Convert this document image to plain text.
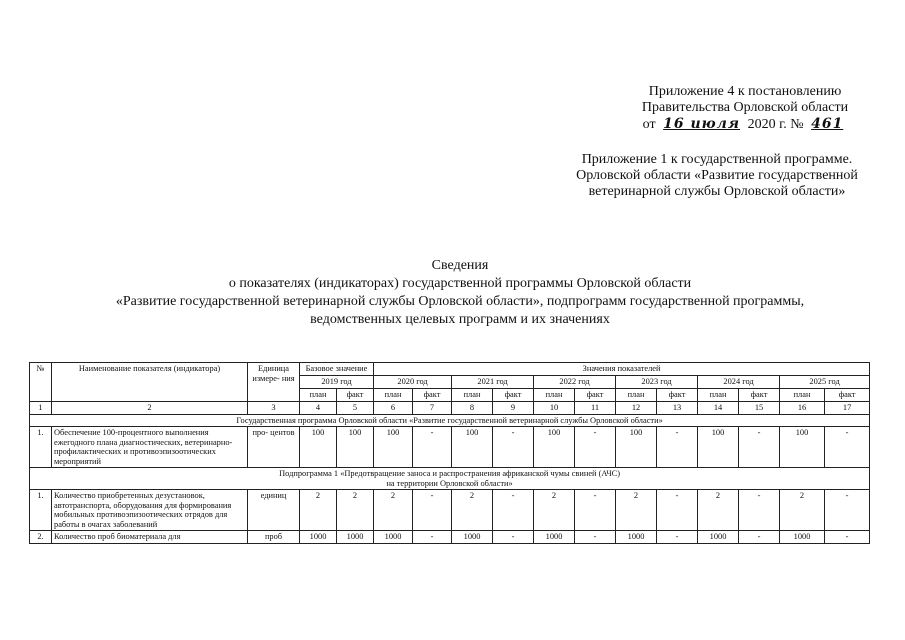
Приложение 4 к постановлению
Правительства Орловской области
от 16 июля 2020 г. № 461
Приложение 1 к государственной программе.
Орловской области «Развитие государственной
ветеринарной службы Орловской области»
Сведения
о показателях (индикаторах) государственной программы Орловской области
«Развитие государственной ветеринарной службы Орловской области», подпрограмм государственной программы,
ведомственных целевых программ и их значениях
№	Наименование показателя (индикатора)	Единица измере- ния	Базовое значение		Значения показателей											
			2019 год		2020 год		2021 год		2022 год		2023 год		2024 год		2025 год	
			план	факт	план	факт	план	факт	план	факт	план	факт	план	факт	план	факт
1	2	3	4	5	6	7	8	9	10	11	12	13	14	15	16	17
Государственная программа Орловской области «Развитие государственной ветеринарной службы Орловской области»																
1.	Обеспечение 100-процентного выполнения ежегодного плана диагностических, ветеринарно-профилактических и противоэпизоотических мероприятий	про- центов	100	100	100	-	100	-	100	-	100	-	100	-	100	-

Подпрограмма 1 «Предотвращение заноса и распространения африканской чумы свиней (АЧС)
на территории Орловской области»																

1.	Количество приобретенных дезустановок, автотранспорта, оборудования для формирования мобильных противоэпизоотических отрядов для работы в очагах заболеваний	единиц	2	2	2	-	2	-	2	-	2	-	2	-	2	-
2.	Количество проб биоматериала для	проб	1000	1000	1000	-	1000	-	1000	-	1000	-	1000	-	1000	-
